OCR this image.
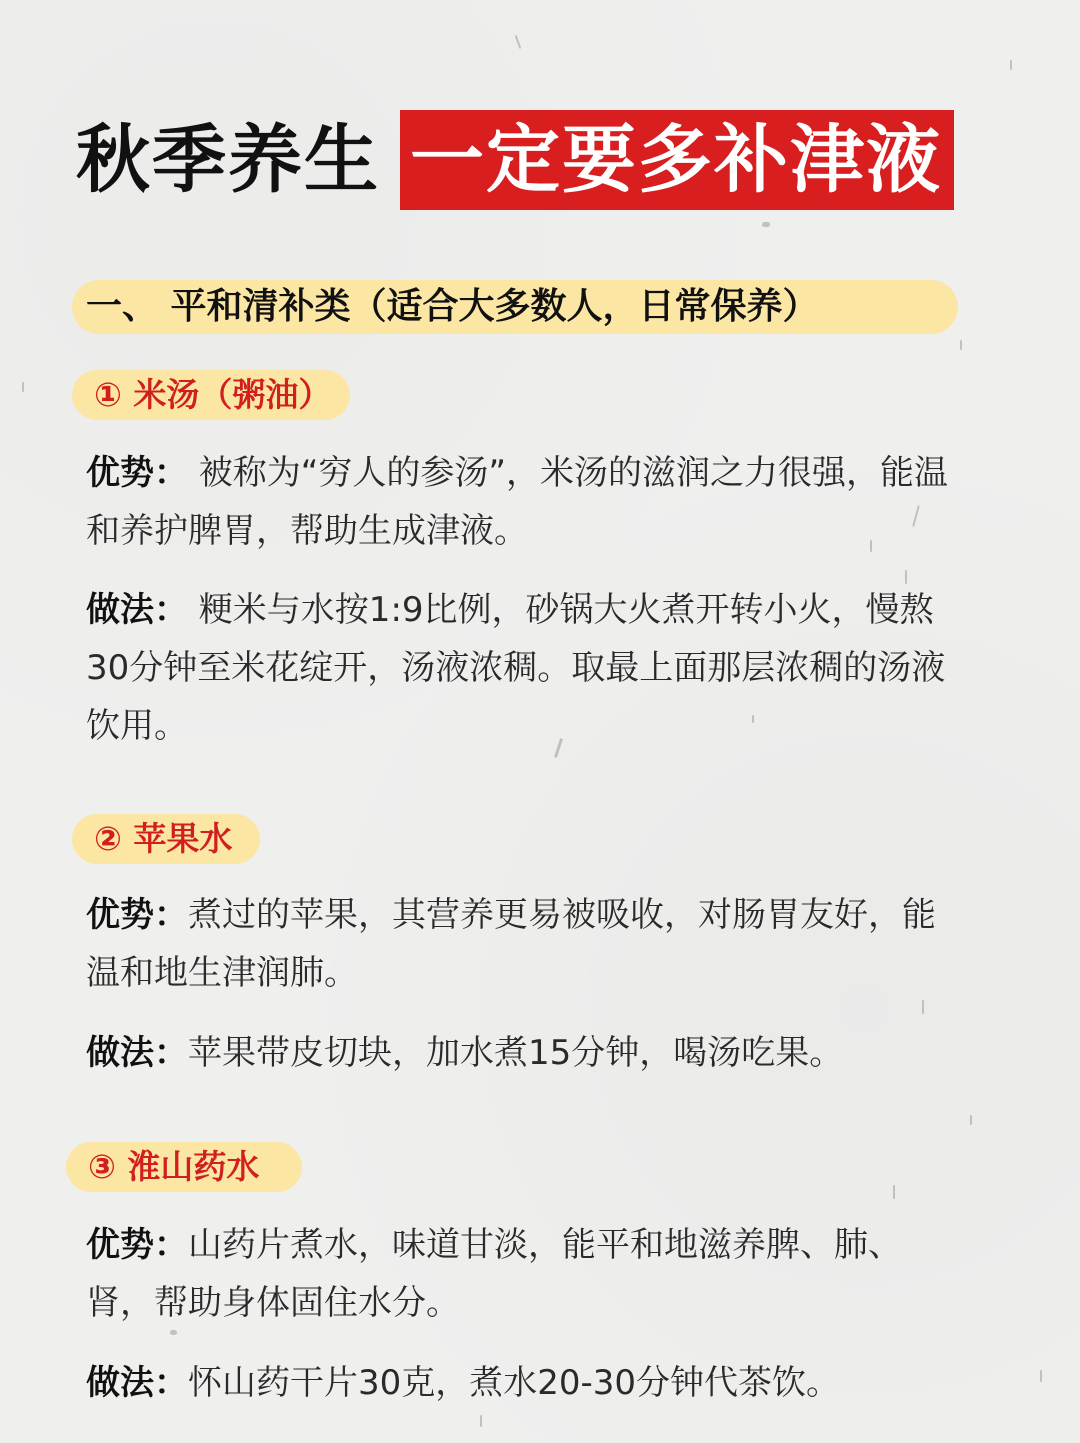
秋季养生 一定要多补津液
一、 平和清补类（适合大多数人，日常保养）
① 米汤（粥油）
优势： 被称为“穷人的参汤”，米汤的滋润之力很强，能温和养护脾胃，帮助生成津液。
做法： 粳米与水按1:9比例，砂锅大火煮开转小火，慢熬30分钟至米花绽开，汤液浓稠。取最上面那层浓稠的汤液饮用。
② 苹果水
优势：煮过的苹果，其营养更易被吸收，对肠胃友好，能温和地生津润肺。
做法：苹果带皮切块，加水煮15分钟，喝汤吃果。
③ 淮山药水
优势：山药片煮水，味道甘淡，能平和地滋养脾、肺、肾，帮助身体固住水分。
做法：怀山药干片30克，煮水20-30分钟代茶饮。
